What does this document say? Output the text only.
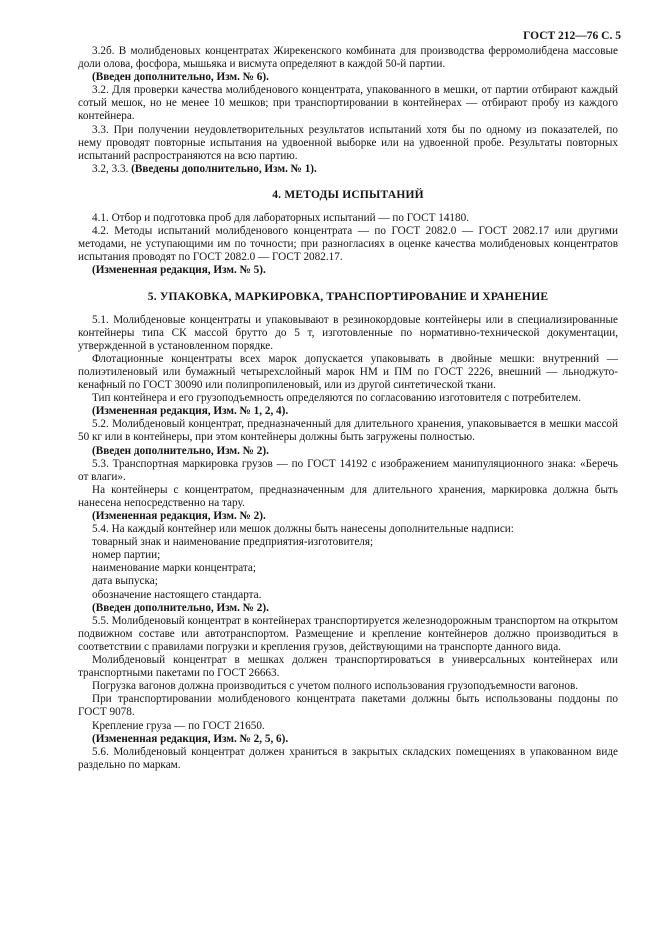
ГОСТ 212—76 С. 5

3.2б. В молибденовых концентратах Жирекенского комбината для производства ферромолибдена массовые доли олова, фосфора, мышьяка и висмута определяют в каждой 50-й партии.

(Введен дополнительно, Изм. № 6).

3.2. Для проверки качества молибденового концентрата, упакованного в мешки, от партии отбирают каждый сотый мешок, но не менее 10 мешков; при транспортировании в контейнерах — отбирают пробу из каждого контейнера.

3.3. При получении неудовлетворительных результатов испытаний хотя бы по одному из показателей, по нему проводят повторные испытания на удвоенной выборке или на удвоенной пробе. Результаты повторных испытаний распространяются на всю партию.

3.2, 3.3. (Введены дополнительно, Изм. № 1).

4. МЕТОДЫ ИСПЫТАНИЙ

4.1. Отбор и подготовка проб для лабораторных испытаний — по ГОСТ 14180.

4.2. Методы испытаний молибденового концентрата — по ГОСТ 2082.0 — ГОСТ 2082.17 или другими методами, не уступающими им по точности; при разногласиях в оценке качества молибденовых концентратов испытания проводят по ГОСТ 2082.0 — ГОСТ 2082.17.

(Измененная редакция, Изм. № 5).

5. УПАКОВКА, МАРКИРОВКА, ТРАНСПОРТИРОВАНИЕ И ХРАНЕНИЕ

5.1. Молибденовые концентраты и упаковывают в резинокордовые контейнеры или в специализированные контейнеры типа СК массой брутто до 5 т, изготовленные по нормативно-технической документации, утвержденной в установленном порядке.

Флотационные концентраты всех марок допускается упаковывать в двойные мешки: внутренний — полиэтиленовый или бумажный четырехслойный марок НМ и ПМ по ГОСТ 2226, внешний — льнoджуто-кенафный по ГОСТ 30090 или полипропиленовый, или из другой синтетической ткани.

Тип контейнера и его грузоподъемность определяются по согласованию изготовителя с потребителем.

(Измененная редакция, Изм. № 1, 2, 4).

5.2. Молибденовый концентрат, предназначенный для длительного хранения, упаковывается в мешки массой 50 кг или в контейнеры, при этом контейнеры должны быть загружены полностью.

(Введен дополнительно, Изм. № 2).

5.3. Транспортная маркировка грузов — по ГОСТ 14192 с изображением манипуляционного знака: «Беречь от влаги».

На контейнеры с концентратом, предназначенным для длительного хранения, маркировка должна быть нанесена непосредственно на тару.

(Измененная редакция, Изм. № 2).

5.4. На каждый контейнер или мешок должны быть нанесены дополнительные надписи:

товарный знак и наименование предприятия-изготовителя;

номер партии;

наименование марки концентрата;

дата выпуска;

обозначение настоящего стандарта.

(Введен дополнительно, Изм. № 2).

5.5. Молибденовый концентрат в контейнерах транспортируется железнодорожным транспортом на открытом подвижном составе или автотранспортом. Размещение и крепление контейнеров должно производиться в соответствии с правилами погрузки и крепления грузов, действующими на транспорте данного вида.

Молибденовый концентрат в мешках должен транспортироваться в универсальных контейнерах или транспортными пакетами по ГОСТ 26663.

Погрузка вагонов должна производиться с учетом полного использования грузоподъемности вагонов.

При транспортировании молибденового концентрата пакетами должны быть использованы поддоны по ГОСТ 9078.

Крепление груза — по ГОСТ 21650.

(Измененная редакция, Изм. № 2, 5, 6).

5.6. Молибденовый концентрат должен храниться в закрытых складских помещениях в упакованном виде раздельно по маркам.
